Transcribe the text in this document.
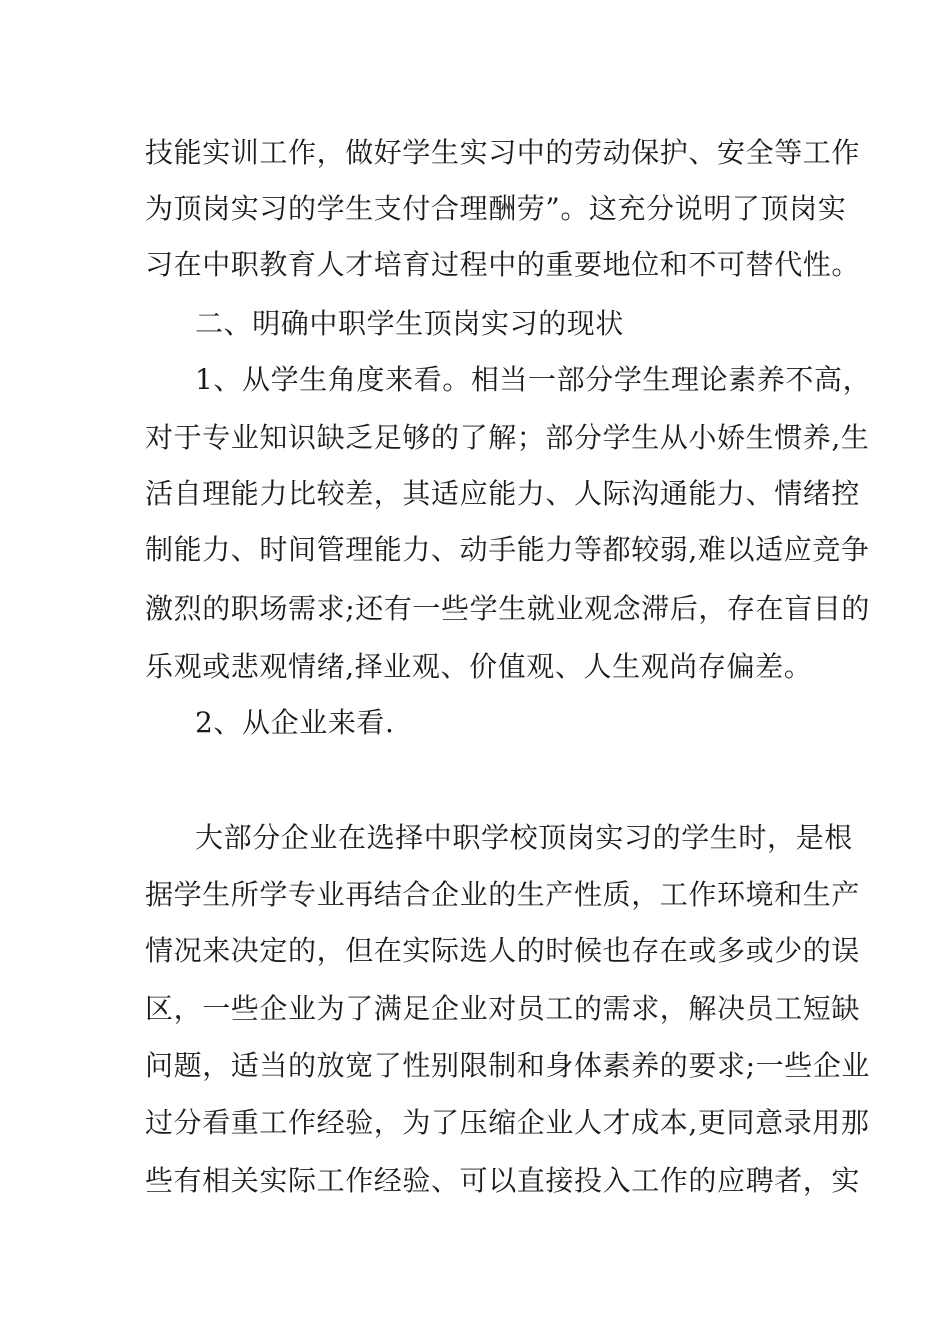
技能实训工作，做好学生实习中的劳动保护、安全等工作
为顶岗实习的学生支付合理酬劳”。这充分说明了顶岗实
习在中职教育人才培育过程中的重要地位和不可替代性。
二、明确中职学生顶岗实习的现状
1、从学生角度来看。相当一部分学生理论素养不高，
对于专业知识缺乏足够的了解；部分学生从小娇生惯养,生
活自理能力比较差，其适应能力、人际沟通能力、情绪控
制能力、时间管理能力、动手能力等都较弱,难以适应竞争
激烈的职场需求;还有一些学生就业观念滞后，存在盲目的
乐观或悲观情绪,择业观、价值观、人生观尚存偏差。
2、从企业来看.
大部分企业在选择中职学校顶岗实习的学生时，是根
据学生所学专业再结合企业的生产性质，工作环境和生产
情况来决定的，但在实际选人的时候也存在或多或少的误
区，一些企业为了满足企业对员工的需求，解决员工短缺
问题，适当的放宽了性别限制和身体素养的要求;一些企业
过分看重工作经验，为了压缩企业人才成本,更同意录用那
些有相关实际工作经验、可以直接投入工作的应聘者，实
